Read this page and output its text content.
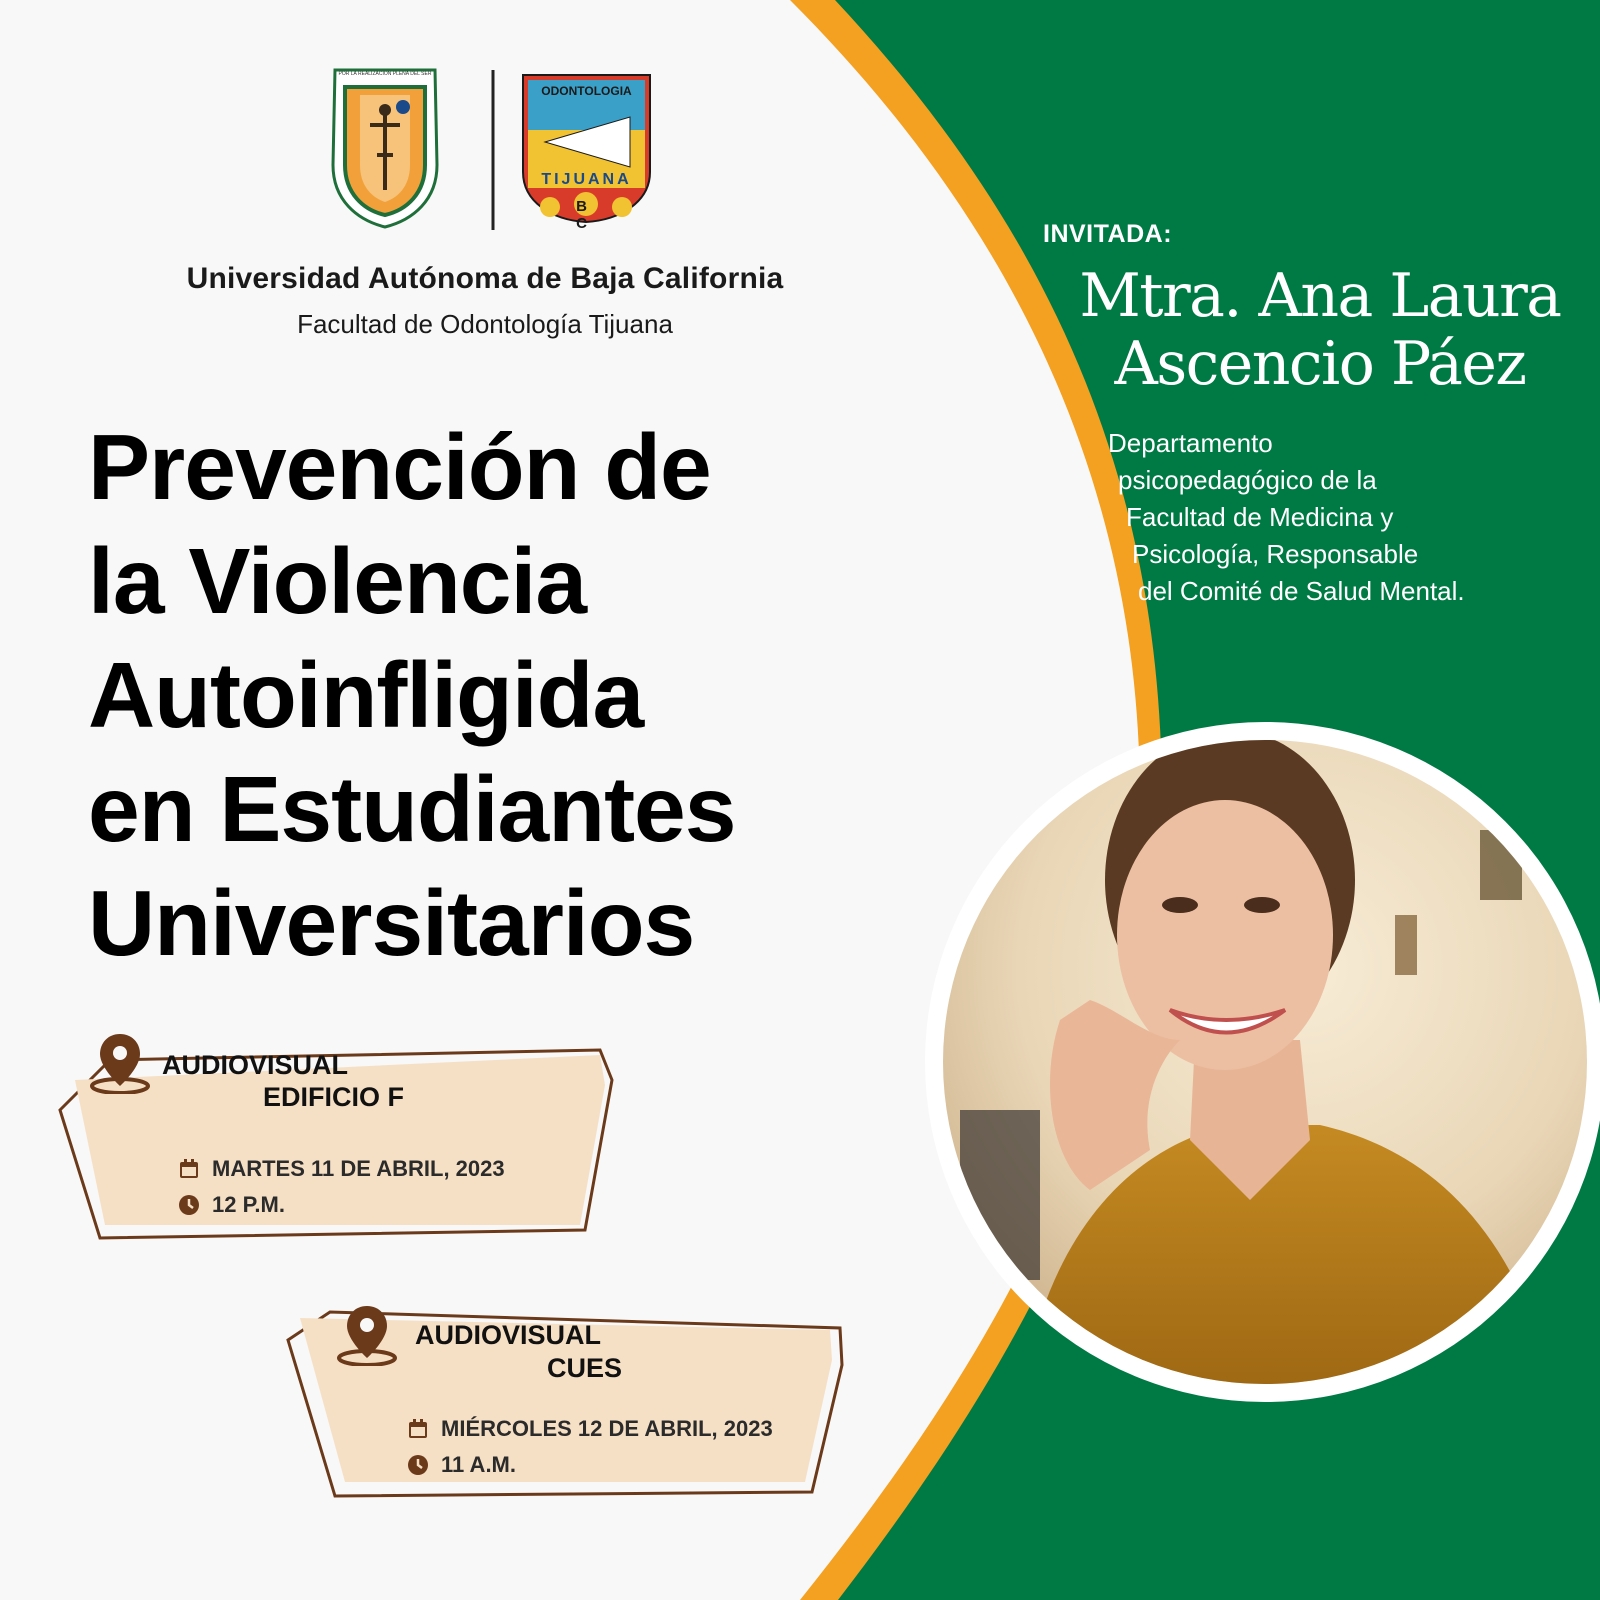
POR LA REALIZACIÓN PLENA DEL SER
ODONTOLOGIA
TIJUANA
B C
Universidad Autónoma de Baja California
Facultad de Odontología Tijuana
Prevención de
la Violencia
Autoinfligida
en Estudiantes
Universitarios
INVITADA:
Mtra. Ana Laura
Ascencio Páez
Departamento
psicopedagógico de la
Facultad de Medicina y
Psicología, Responsable
del Comité de Salud Mental.
AUDIOVISUAL
EDIFICIO F
MARTES 11 DE ABRIL, 2023
12 P.M.
AUDIOVISUAL
CUES
MIÉRCOLES 12 DE ABRIL, 2023
11 A.M.
